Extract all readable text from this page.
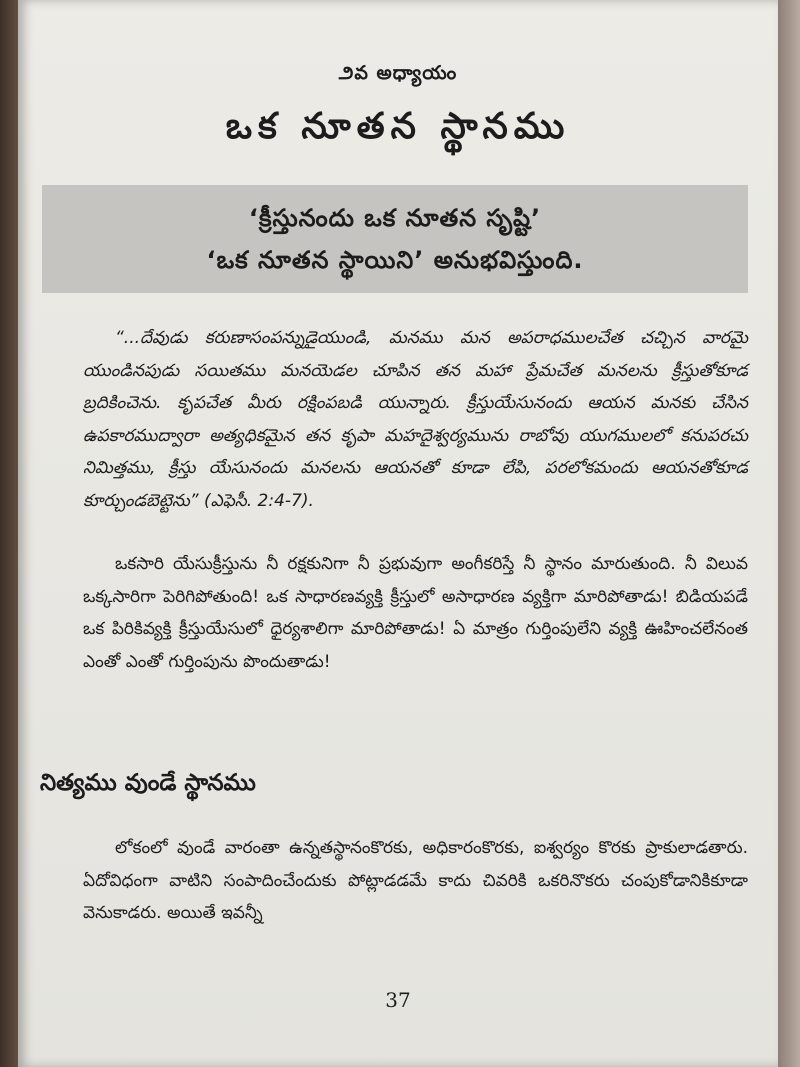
౨వ అధ్యాయం
ఒక నూతన స్థానము
‘క్రీస్తునందు ఒక నూతన సృష్టి’
‘ఒక నూతన స్థాయిని’ అనుభవిస్తుంది.
“...దేవుడు కరుణాసంపన్నుడైయుండి, మనము మన అపరాధములచేత చచ్చిన వారమై యుండినపుడు సయితము మనయెడల చూపిన తన మహా ప్రేమచేత మనలను క్రీస్తుతోకూడ బ్రదికించెను. కృపచేత మీరు రక్షింపబడి యున్నారు. క్రీస్తుయేసునందు ఆయన మనకు చేసిన ఉపకారముద్వారా అత్యధికమైన తన కృపా మహదైశ్వర్యమును రాబోవు యుగములలో కనుపరచు నిమిత్తము, క్రీస్తు యేసునందు మనలను ఆయనతో కూడా లేపి, పరలోకమందు ఆయనతోకూడ కూర్చుండబెట్టెను” (ఎఫెసీ. 2:4-7).
ఒకసారి యేసుక్రీస్తును నీ రక్షకునిగా నీ ప్రభువుగా అంగీకరిస్తే నీ స్థానం మారుతుంది. నీ విలువ ఒక్కసారిగా పెరిగిపోతుంది! ఒక సాధారణవ్యక్తి క్రీస్తులో అసాధారణ వ్యక్తిగా మారిపోతాడు! బిడియపడే ఒక పిరికివ్యక్తి క్రీస్తుయేసులో ధైర్యశాలిగా మారిపోతాడు! ఏ మాత్రం గుర్తింపులేని వ్యక్తి ఊహించలేనంత ఎంతో ఎంతో గుర్తింపును పొందుతాడు!
నిత్యము వుండే స్థానము
లోకంలో వుండే వారంతా ఉన్నతస్థానంకొరకు, అధికారంకొరకు, ఐశ్వర్యం కొరకు ప్రాకులాడతారు. ఏదోవిధంగా వాటిని సంపాదించేందుకు పోట్లాడడమే కాదు చివరికి ఒకరినొకరు చంపుకోడానికికూడా వెనుకాడరు. అయితే ఇవన్నీ
37
